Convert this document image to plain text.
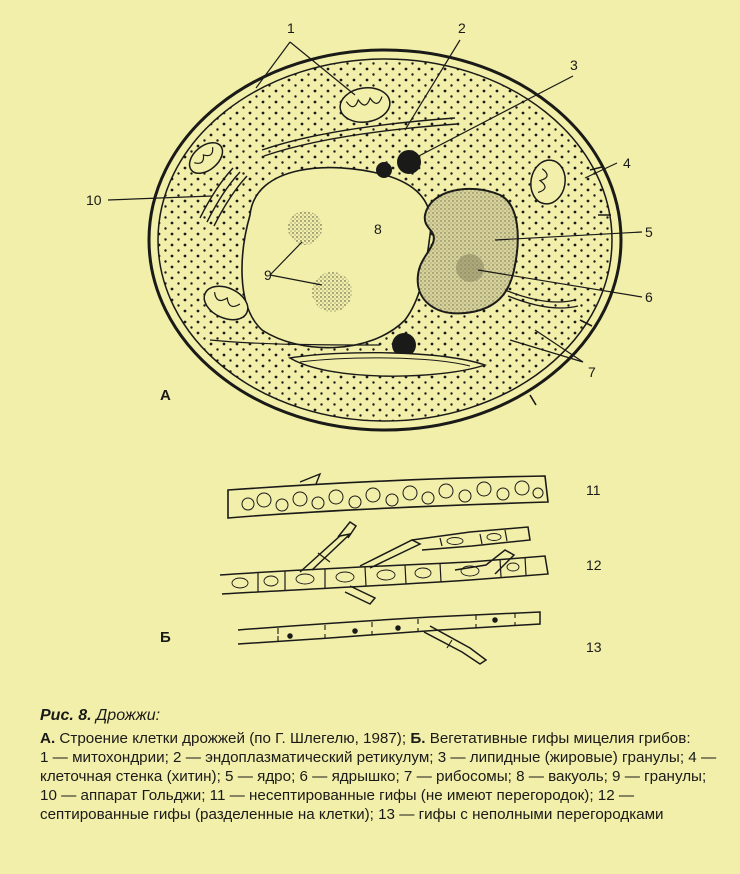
1	2
3
4
5
6
7
8
9
10
А
11
12
13
Б
Рис. 8. Дрожжи:
А. Строение клетки дрожжей (по Г. Шлегелю, 1987); Б. Вегетативные гифы мицелия грибов:
1 — митохондрии; 2 — эндоплазматический ретикулум; 3 — липидные (жировые) гранулы; 4 — клеточная стенка (хитин); 5 — ядро; 6 — ядрышко; 7 — рибосомы; 8 — вакуоль; 9 — гранулы; 10 — аппарат Гольджи; 11 — несептированные гифы (не имеют перегородок); 12 — септированные гифы (разделенные на клетки); 13 — гифы с неполными перегородками
